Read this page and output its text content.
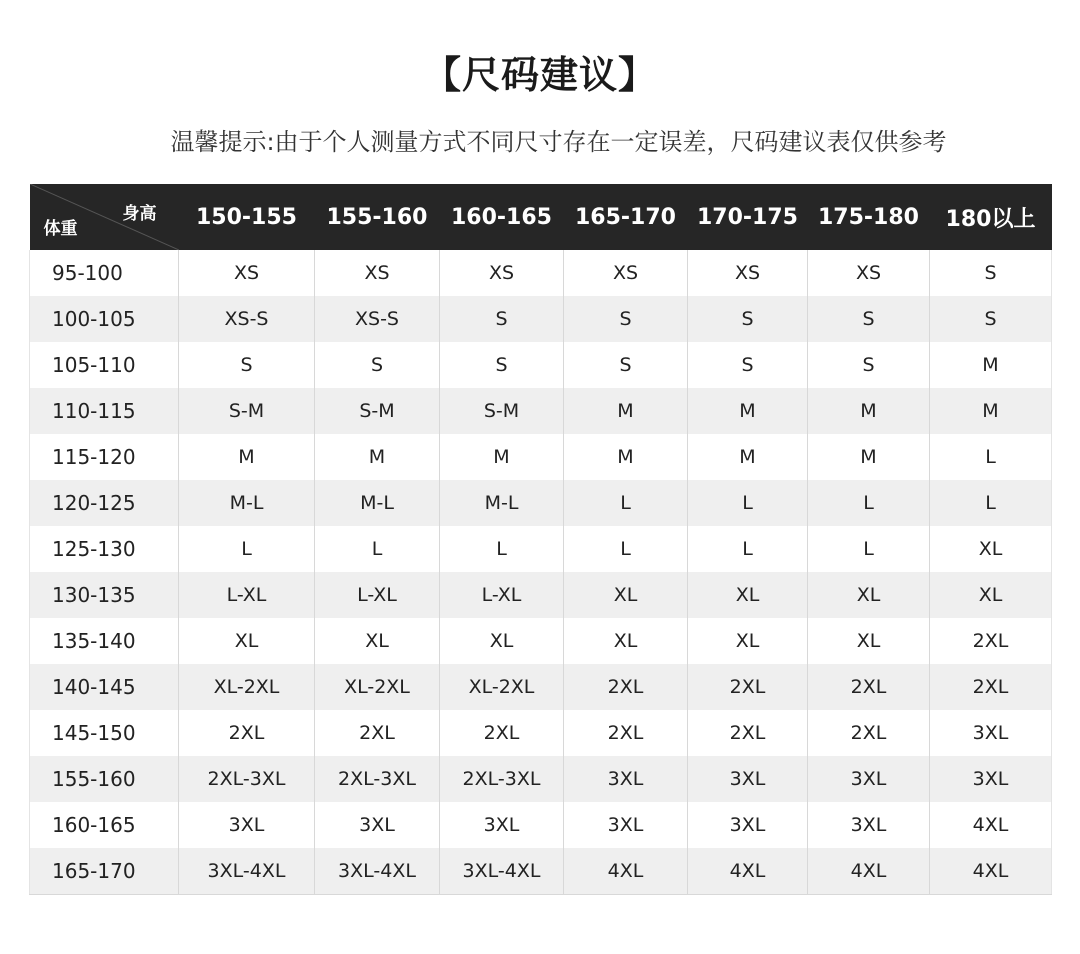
【尺码建议】
温馨提示:由于个人测量方式不同尺寸存在一定误差，尺码建议表仅供参考
身高
体重	150-155	155-160	160-165	165-170	170-175	175-180	180以上
95-100	XS	XS	XS	XS	XS	XS	S
100-105	XS-S	XS-S	S	S	S	S	S
105-110	S	S	S	S	S	S	M
110-115	S-M	S-M	S-M	M	M	M	M
115-120	M	M	M	M	M	M	L
120-125	M-L	M-L	M-L	L	L	L	L
125-130	L	L	L	L	L	L	XL
130-135	L-XL	L-XL	L-XL	XL	XL	XL	XL
135-140	XL	XL	XL	XL	XL	XL	2XL
140-145	XL-2XL	XL-2XL	XL-2XL	2XL	2XL	2XL	2XL
145-150	2XL	2XL	2XL	2XL	2XL	2XL	3XL
155-160	2XL-3XL	2XL-3XL	2XL-3XL	3XL	3XL	3XL	3XL
160-165	3XL	3XL	3XL	3XL	3XL	3XL	4XL
165-170	3XL-4XL	3XL-4XL	3XL-4XL	4XL	4XL	4XL	4XL
